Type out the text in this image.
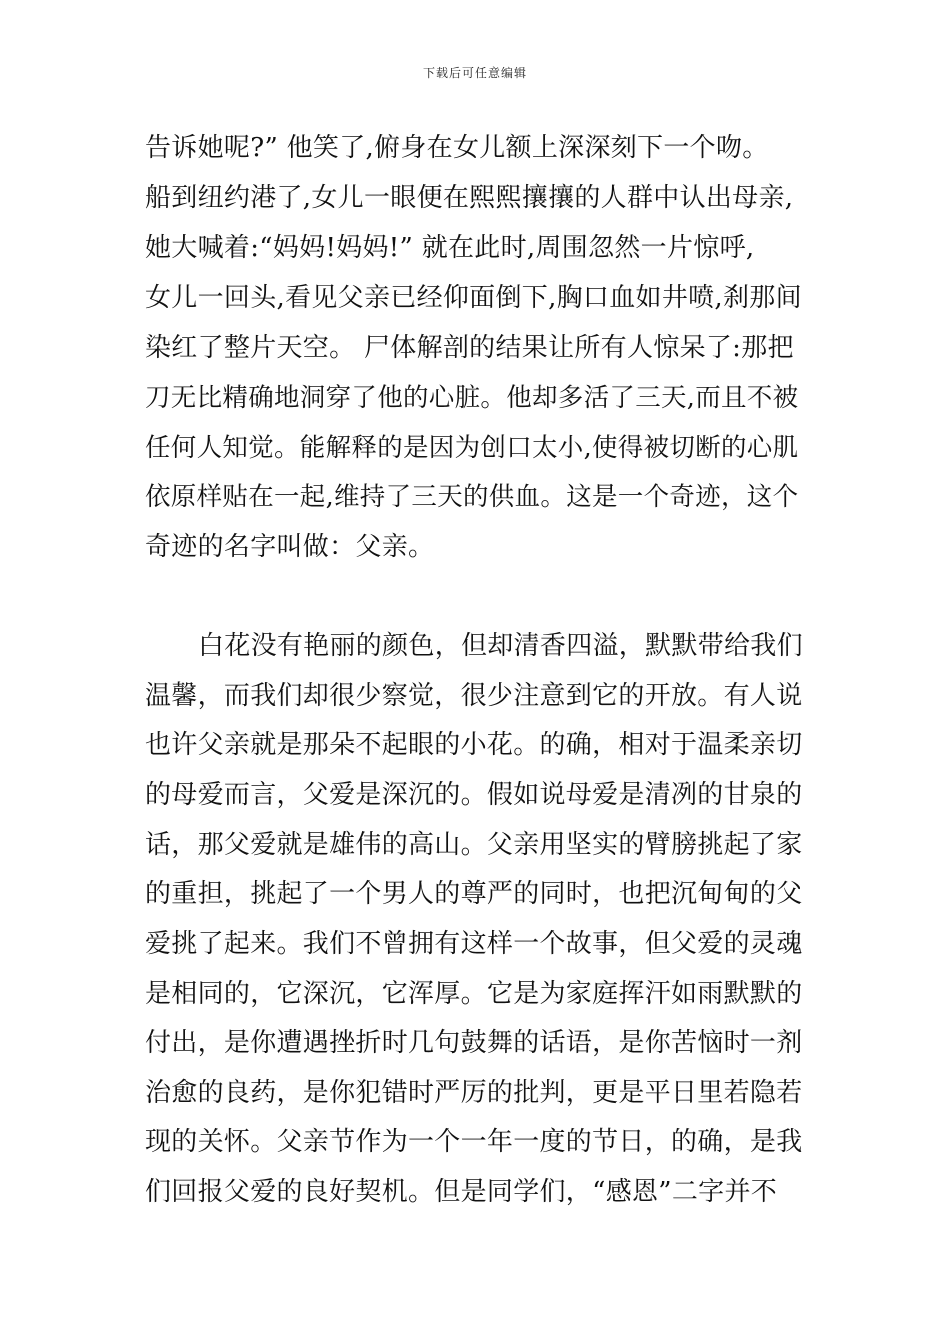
下载后可任意编辑
告诉她呢?” 他笑了,俯身在女儿额上深深刻下一个吻。
船到纽约港了,女儿一眼便在熙熙攘攘的人群中认出母亲,
她大喊着:“妈妈!妈妈!” 就在此时,周围忽然一片惊呼,
女儿一回头,看见父亲已经仰面倒下,胸口血如井喷,刹那间
染红了整片天空。 尸体解剖的结果让所有人惊呆了:那把
刀无比精确地洞穿了他的心脏。他却多活了三天,而且不被
任何人知觉。能解释的是因为创口太小,使得被切断的心肌
依原样贴在一起,维持了三天的供血。这是一个奇迹，这个
奇迹的名字叫做：父亲。
白花没有艳丽的颜色，但却清香四溢，默默带给我们
温馨，而我们却很少察觉，很少注意到它的开放。有人说
也许父亲就是那朵不起眼的小花。的确，相对于温柔亲切
的母爱而言，父爱是深沉的。假如说母爱是清冽的甘泉的
话，那父爱就是雄伟的高山。父亲用坚实的臂膀挑起了家
的重担，挑起了一个男人的尊严的同时，也把沉甸甸的父
爱挑了起来。我们不曾拥有这样一个故事，但父爱的灵魂
是相同的，它深沉，它浑厚。它是为家庭挥汗如雨默默的
付出，是你遭遇挫折时几句鼓舞的话语，是你苦恼时一剂
治愈的良药，是你犯错时严厉的批判，更是平日里若隐若
现的关怀。父亲节作为一个一年一度的节日，的确，是我
们回报父爱的良好契机。但是同学们，“感恩”二字并不
